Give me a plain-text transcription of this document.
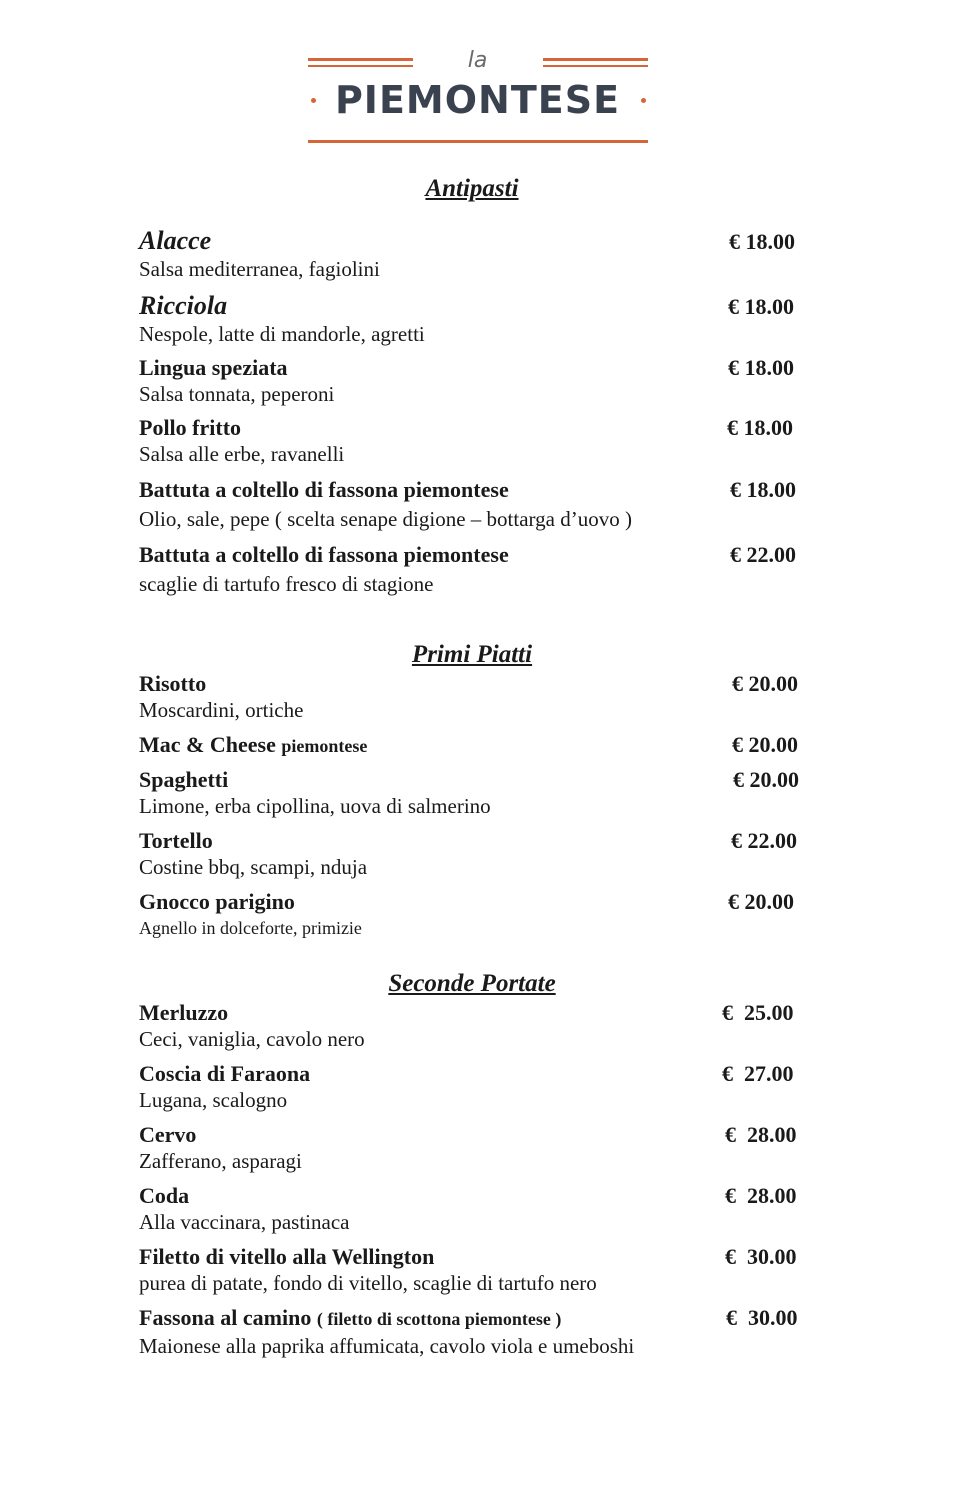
la
PIEMONTESE
Antipasti
Alacce
Salsa mediterranea, fagiolini
€ 18.00
Ricciola
Nespole, latte di mandorle, agretti
€ 18.00
Lingua speziata
Salsa tonnata, peperoni
€ 18.00
Pollo fritto
Salsa alle erbe, ravanelli
€ 18.00
Battuta a coltello di fassona piemontese
Olio, sale, pepe ( scelta senape digione – bottarga d’uovo )
€ 18.00
Battuta a coltello di fassona piemontese
scaglie di tartufo fresco di stagione
€ 22.00
Primi Piatti
Risotto
Moscardini, ortiche
€ 20.00
Mac & Cheese piemontese	€ 20.00
Spaghetti
Limone, erba cipollina, uova di salmerino
€ 20.00
Tortello
Costine bbq, scampi, nduja
€ 22.00
Gnocco parigino
Agnello in dolceforte, primizie
€ 20.00
Seconde Portate
Merluzzo
Ceci, vaniglia, cavolo nero
€  25.00
Coscia di Faraona
Lugana, scalogno
€  27.00
Cervo
Zafferano, asparagi
€  28.00
Coda
Alla vaccinara, pastinaca
€  28.00
Filetto di vitello alla Wellington
purea di patate, fondo di vitello, scaglie di tartufo nero
€  30.00
Fassona al camino ( filetto di scottona piemontese )
Maionese alla paprika affumicata, cavolo viola e umeboshi
€  30.00
